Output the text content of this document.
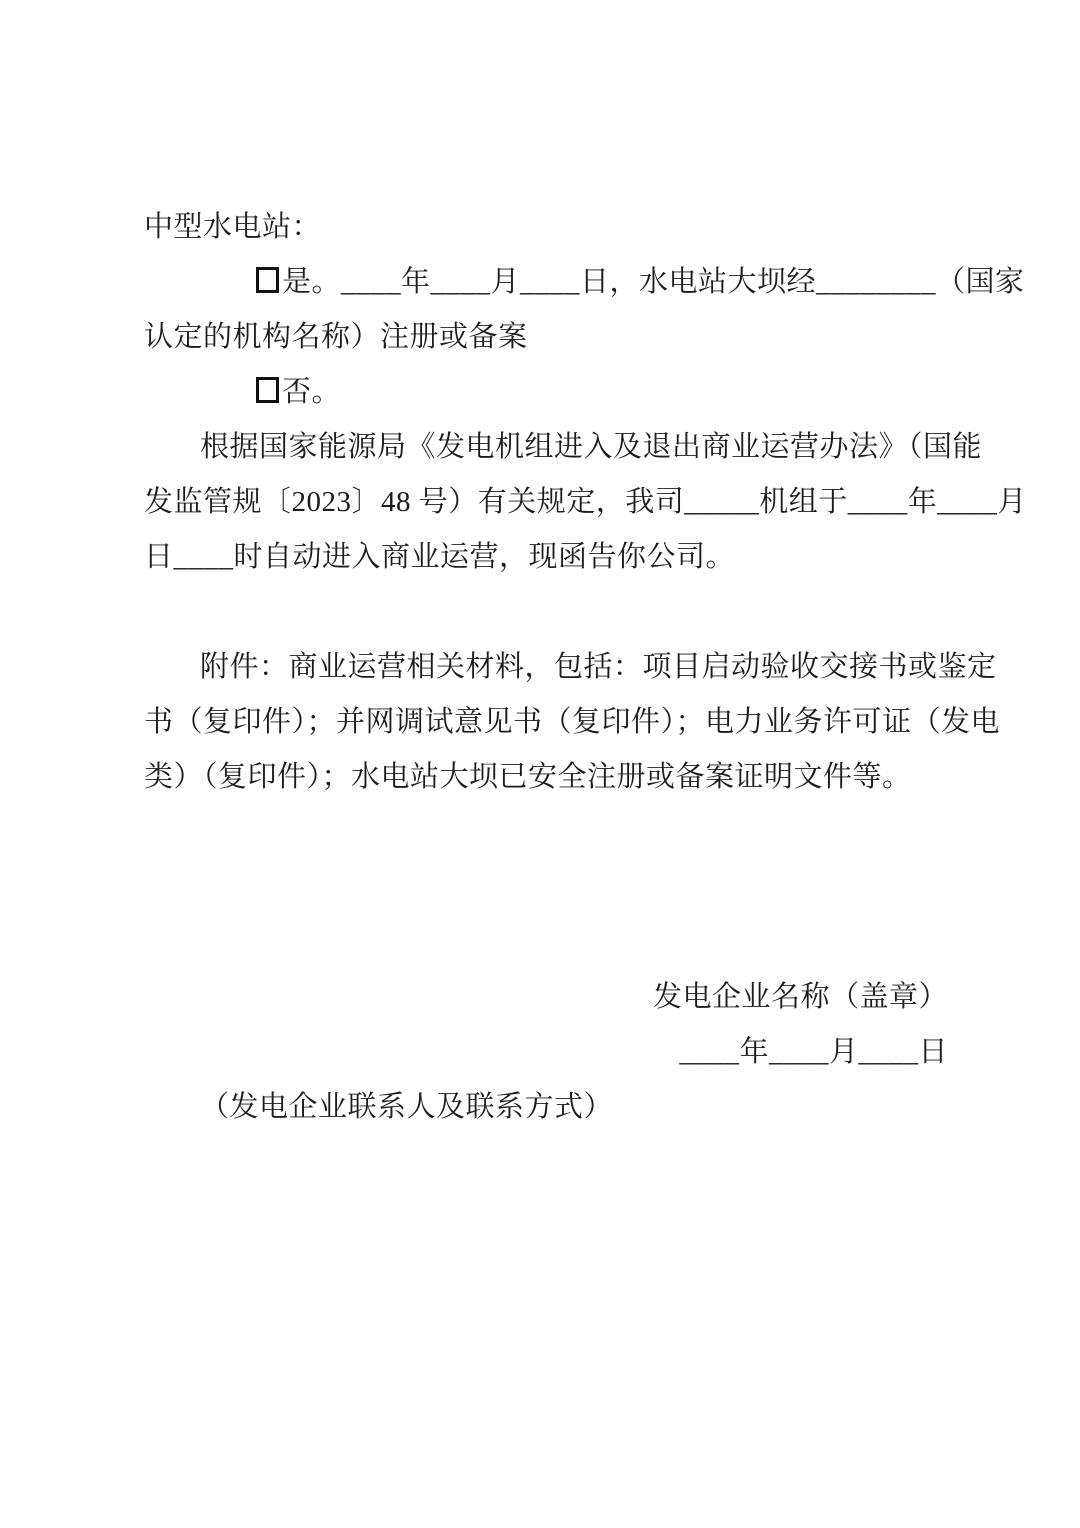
中型水电站：

是。____年____月____日，水电站大坝经________（国家

认定的机构名称）注册或备案

否。

根据国家能源局《发电机组进入及退出商业运营办法》（国能

发监管规〔2023〕48 号）有关规定，我司_____机组于____年____月

日____时自动进入商业运营，现函告你公司。

附件：商业运营相关材料，包括：项目启动验收交接书或鉴定

书（复印件）；并网调试意见书（复印件）；电力业务许可证（发电

类）（复印件）；水电站大坝已安全注册或备案证明文件等。

发电企业名称（盖章）

____年____月____日

（发电企业联系人及联系方式）
